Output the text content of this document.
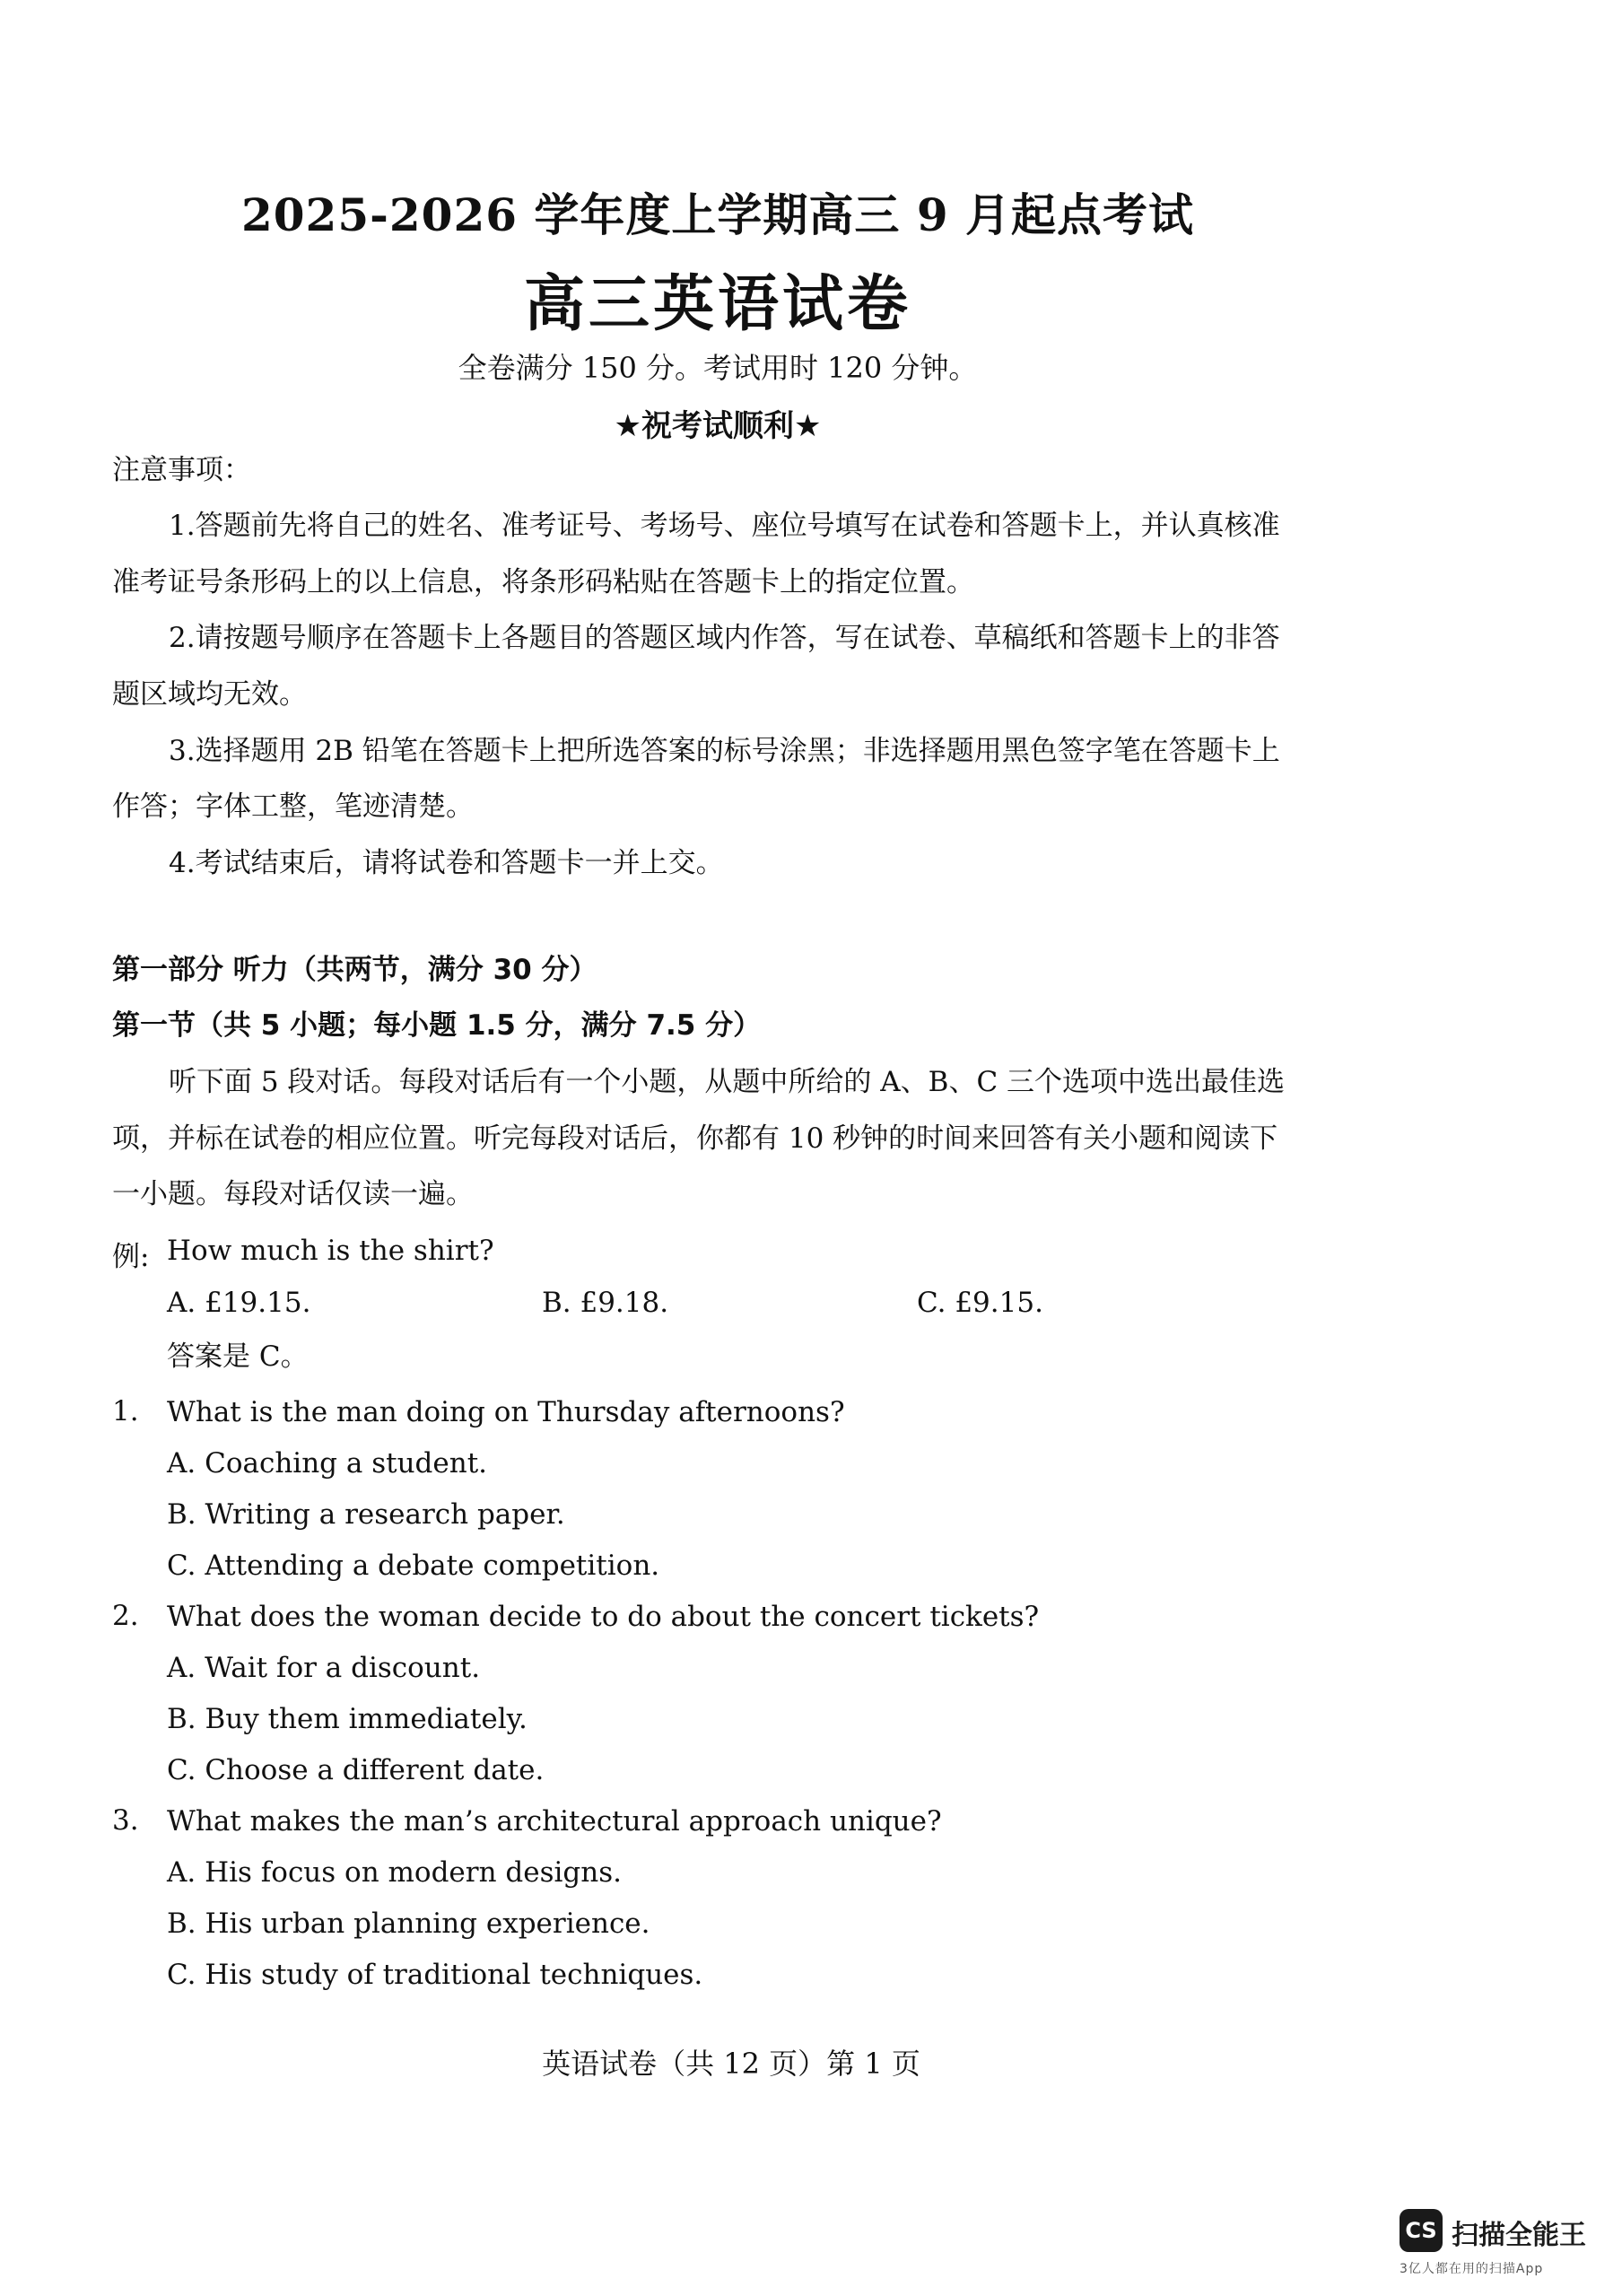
2025-2026 学年度上学期高三 9 月起点考试
高三英语试卷
全卷满分 150 分。考试用时 120 分钟。
★祝考试顺利★
注意事项：
1.答题前先将自己的姓名、准考证号、考场号、座位号填写在试卷和答题卡上，并认真核准
准考证号条形码上的以上信息，将条形码粘贴在答题卡上的指定位置。
2.请按题号顺序在答题卡上各题目的答题区域内作答，写在试卷、草稿纸和答题卡上的非答
题区域均无效。
3.选择题用 2B 铅笔在答题卡上把所选答案的标号涂黑；非选择题用黑色签字笔在答题卡上
作答；字体工整，笔迹清楚。
4.考试结束后，请将试卷和答题卡一并上交。
第一部分 听力（共两节，满分 30 分）
第一节（共 5 小题；每小题 1.5 分，满分 7.5 分）
听下面 5 段对话。每段对话后有一个小题，从题中所给的 A、B、C 三个选项中选出最佳选
项，并标在试卷的相应位置。听完每段对话后，你都有 10 秒钟的时间来回答有关小题和阅读下
一小题。每段对话仅读一遍。
例: How much is the shirt?
A. £19.15.	B. £9.18.	C. £9.15.
答案是 C。
1. What is the man doing on Thursday afternoons?
A. Coaching a student.
B. Writing a research paper.
C. Attending a debate competition.
2. What does the woman decide to do about the concert tickets?
A. Wait for a discount.
B. Buy them immediately.
C. Choose a different date.
3. What makes the man’s architectural approach unique?
A. His focus on modern designs.
B. His urban planning experience.
C. His study of traditional techniques.
英语试卷（共 12 页）第 1 页
CS 扫描全能王
3亿人都在用的扫描App
